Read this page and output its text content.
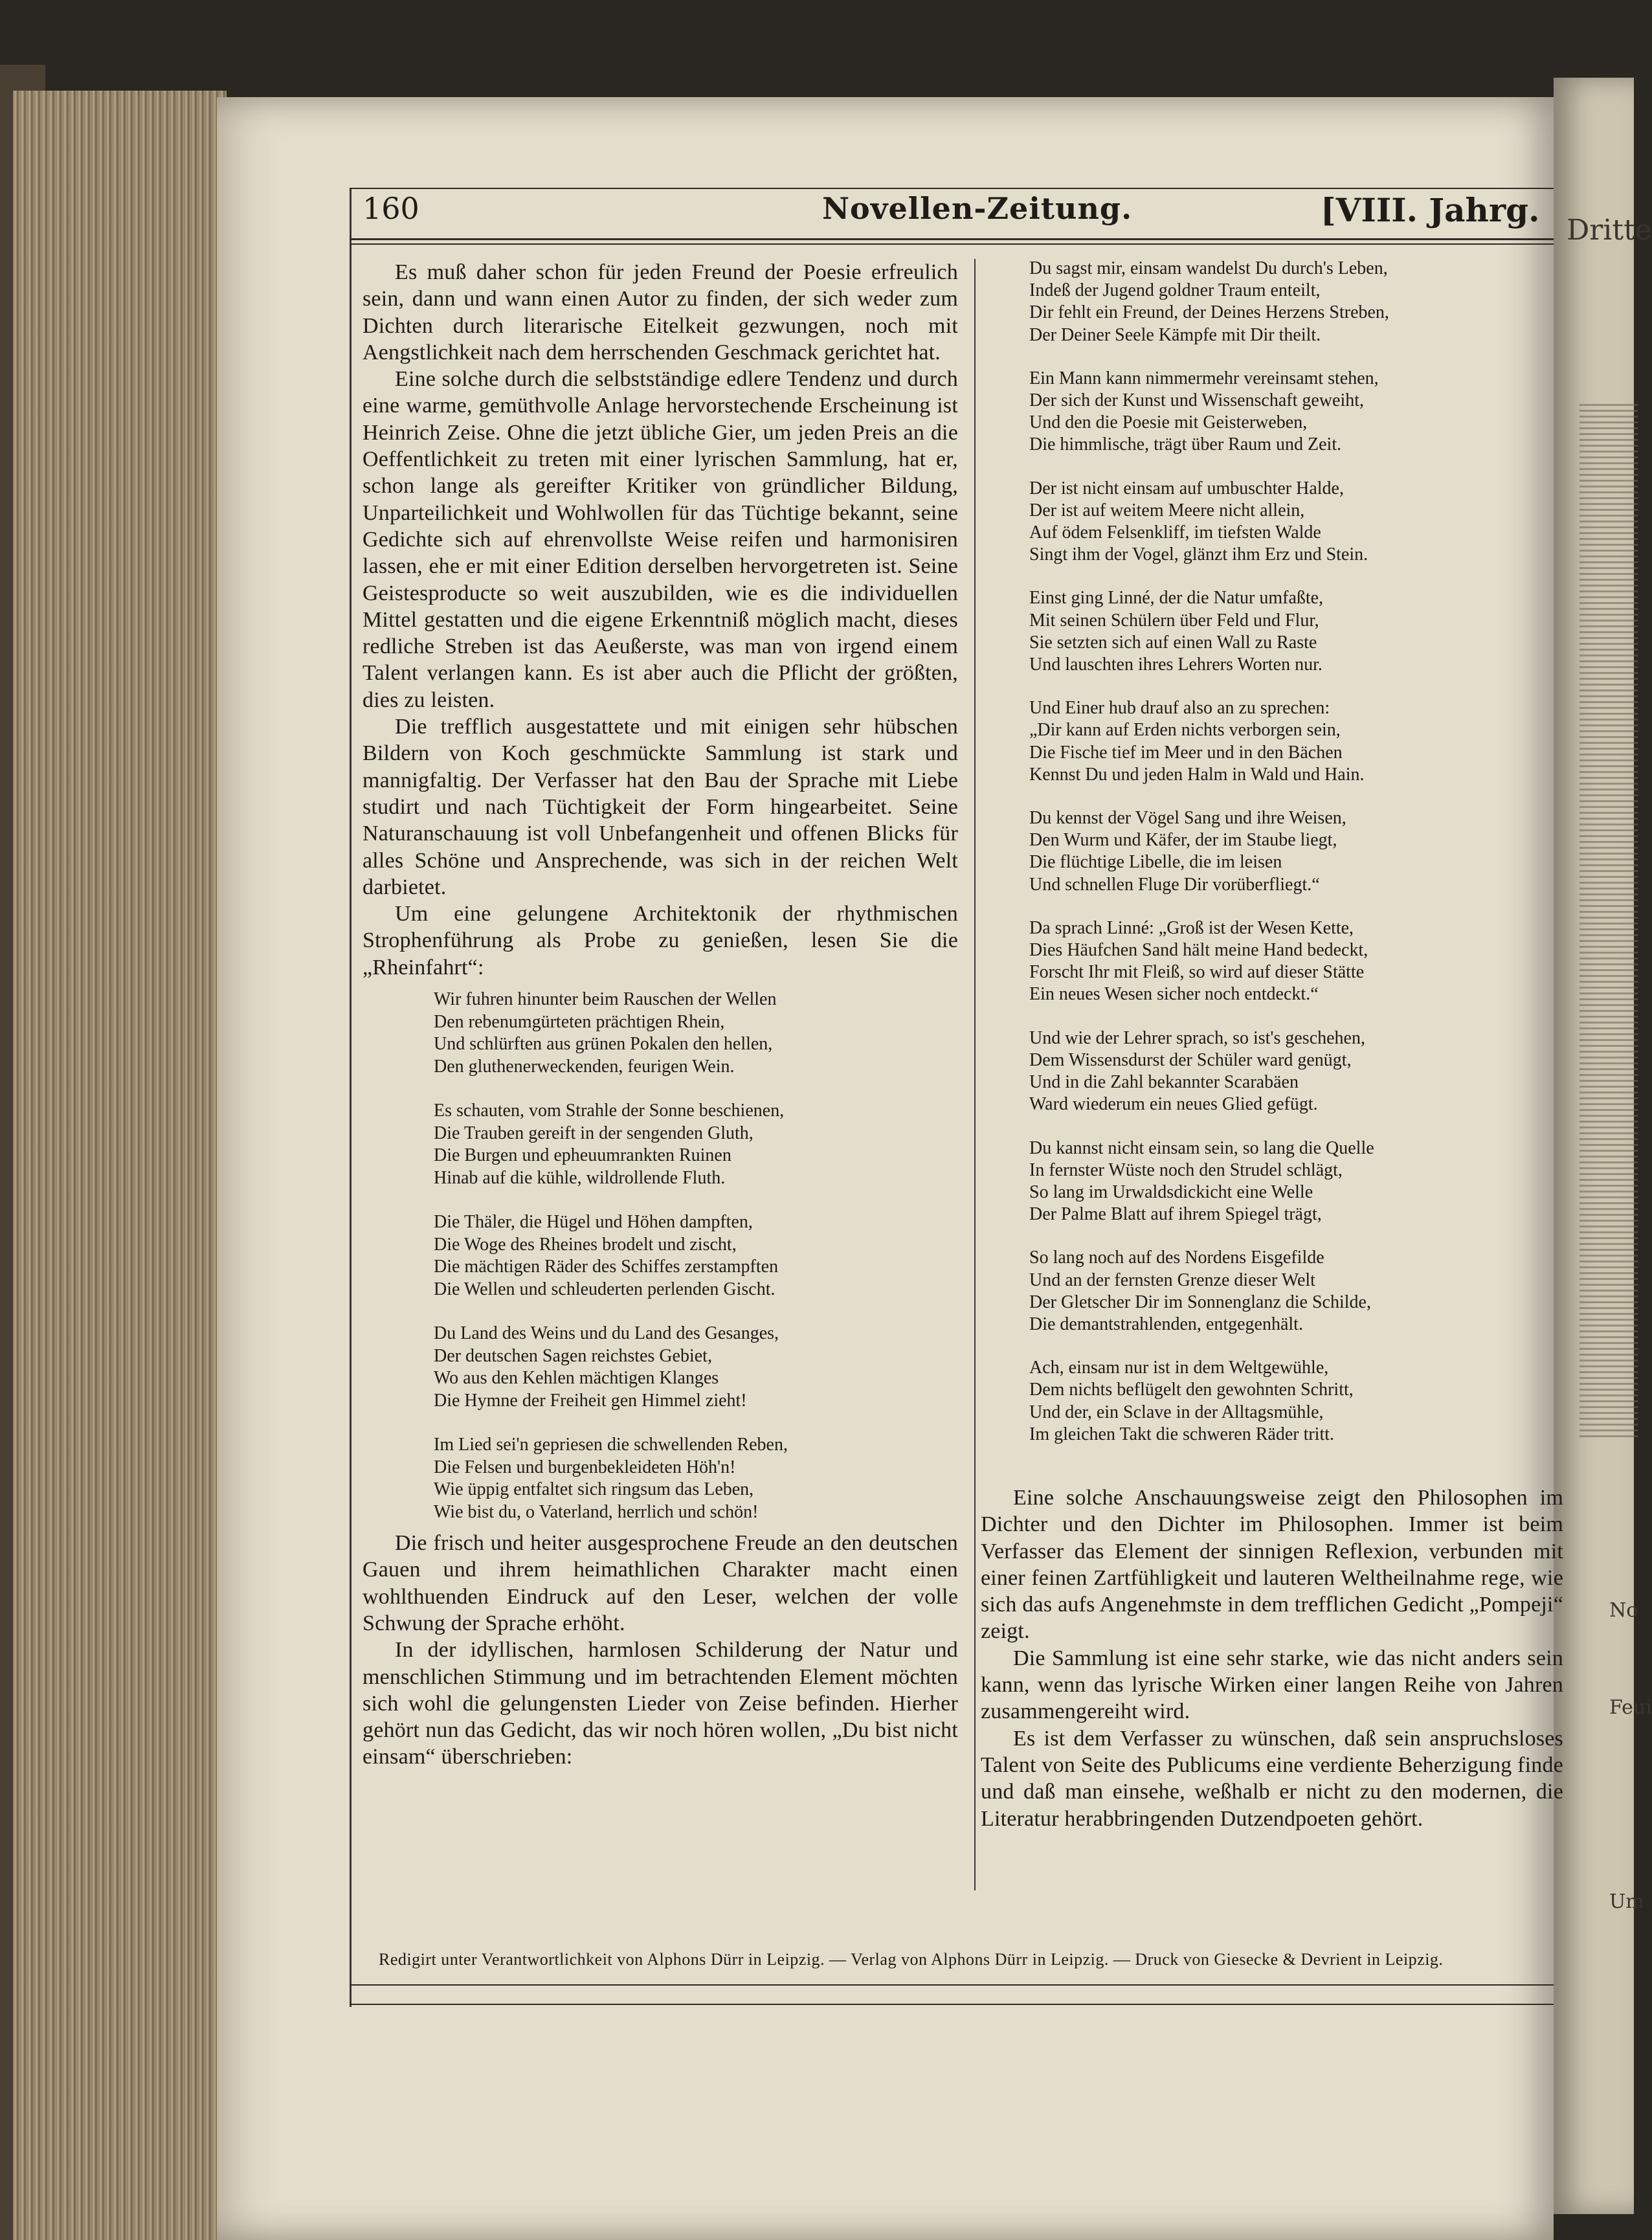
Dritte
No
Feui
Um
160	Novellen-Zeitung.	[VIII. Jahrg.

Es muß daher schon für jeden Freund der Poesie erfreulich sein, dann und wann einen Autor zu finden, der sich weder zum Dichten durch literarische Eitelkeit gezwungen, noch mit Aengstlichkeit nach dem herrschenden Geschmack gerichtet hat.

Eine solche durch die selbstständige edlere Tendenz und durch eine warme, gemüthvolle Anlage hervorstechende Erscheinung ist Heinrich Zeise. Ohne die jetzt übliche Gier, um jeden Preis an die Oeffentlichkeit zu treten mit einer lyrischen Sammlung, hat er, schon lange als gereifter Kritiker von gründlicher Bildung, Unparteilichkeit und Wohlwollen für das Tüchtige bekannt, seine Gedichte sich auf ehrenvollste Weise reifen und harmonisiren lassen, ehe er mit einer Edition derselben hervorgetreten ist. Seine Geistesproducte so weit auszubilden, wie es die individuellen Mittel gestatten und die eigene Erkenntniß möglich macht, dieses redliche Streben ist das Aeußerste, was man von irgend einem Talent verlangen kann. Es ist aber auch die Pflicht der größten, dies zu leisten.

Die trefflich ausgestattete und mit einigen sehr hübschen Bildern von Koch geschmückte Sammlung ist stark und mannigfaltig. Der Verfasser hat den Bau der Sprache mit Liebe studirt und nach Tüchtigkeit der Form hingearbeitet. Seine Naturanschauung ist voll Unbefangenheit und offenen Blicks für alles Schöne und Ansprechende, was sich in der reichen Welt darbietet.

Um eine gelungene Architektonik der rhythmischen Strophenführung als Probe zu genießen, lesen Sie die „Rheinfahrt“:

Wir fuhren hinunter beim Rauschen der Wellen
Den rebenumgürteten prächtigen Rhein,
Und schlürften aus grünen Pokalen den hellen,
Den gluthenerweckenden, feurigen Wein.
Es schauten, vom Strahle der Sonne beschienen,
Die Trauben gereift in der sengenden Gluth,
Die Burgen und epheuumrankten Ruinen
Hinab auf die kühle, wildrollende Fluth.
Die Thäler, die Hügel und Höhen dampften,
Die Woge des Rheines brodelt und zischt,
Die mächtigen Räder des Schiffes zerstampften
Die Wellen und schleuderten perlenden Gischt.
Du Land des Weins und du Land des Gesanges,
Der deutschen Sagen reichstes Gebiet,
Wo aus den Kehlen mächtigen Klanges
Die Hymne der Freiheit gen Himmel zieht!
Im Lied sei'n gepriesen die schwellenden Reben,
Die Felsen und burgenbekleideten Höh'n!
Wie üppig entfaltet sich ringsum das Leben,
Wie bist du, o Vaterland, herrlich und schön!

Die frisch und heiter ausgesprochene Freude an den deutschen Gauen und ihrem heimathlichen Charakter macht einen wohlthuenden Eindruck auf den Leser, welchen der volle Schwung der Sprache erhöht.

In der idyllischen, harmlosen Schilderung der Natur und menschlichen Stimmung und im betrachtenden Element möchten sich wohl die gelungensten Lieder von Zeise befinden. Hierher gehört nun das Gedicht, das wir noch hören wollen, „Du bist nicht einsam“ überschrieben:

Du sagst mir, einsam wandelst Du durch's Leben,
Indeß der Jugend goldner Traum enteilt,
Dir fehlt ein Freund, der Deines Herzens Streben,
Der Deiner Seele Kämpfe mit Dir theilt.
Ein Mann kann nimmermehr vereinsamt stehen,
Der sich der Kunst und Wissenschaft geweiht,
Und den die Poesie mit Geisterweben,
Die himmlische, trägt über Raum und Zeit.
Der ist nicht einsam auf umbuschter Halde,
Der ist auf weitem Meere nicht allein,
Auf ödem Felsenkliff, im tiefsten Walde
Singt ihm der Vogel, glänzt ihm Erz und Stein.
Einst ging Linné, der die Natur umfaßte,
Mit seinen Schülern über Feld und Flur,
Sie setzten sich auf einen Wall zu Raste
Und lauschten ihres Lehrers Worten nur.
Und Einer hub drauf also an zu sprechen:
„Dir kann auf Erden nichts verborgen sein,
Die Fische tief im Meer und in den Bächen
Kennst Du und jeden Halm in Wald und Hain.
Du kennst der Vögel Sang und ihre Weisen,
Den Wurm und Käfer, der im Staube liegt,
Die flüchtige Libelle, die im leisen
Und schnellen Fluge Dir vorüberfliegt.“
Da sprach Linné: „Groß ist der Wesen Kette,
Dies Häufchen Sand hält meine Hand bedeckt,
Forscht Ihr mit Fleiß, so wird auf dieser Stätte
Ein neues Wesen sicher noch entdeckt.“
Und wie der Lehrer sprach, so ist's geschehen,
Dem Wissensdurst der Schüler ward genügt,
Und in die Zahl bekannter Scarabäen
Ward wiederum ein neues Glied gefügt.
Du kannst nicht einsam sein, so lang die Quelle
In fernster Wüste noch den Strudel schlägt,
So lang im Urwaldsdickicht eine Welle
Der Palme Blatt auf ihrem Spiegel trägt,
So lang noch auf des Nordens Eisgefilde
Und an der fernsten Grenze dieser Welt
Der Gletscher Dir im Sonnenglanz die Schilde,
Die demantstrahlenden, entgegenhält.
Ach, einsam nur ist in dem Weltgewühle,
Dem nichts beflügelt den gewohnten Schritt,
Und der, ein Sclave in der Alltagsmühle,
Im gleichen Takt die schweren Räder tritt.

Eine solche Anschauungsweise zeigt den Philosophen im Dichter und den Dichter im Philosophen. Immer ist beim Verfasser das Element der sinnigen Reflexion, verbunden mit einer feinen Zartfühligkeit und lauteren Weltheilnahme rege, wie sich das aufs Angenehmste in dem trefflichen Gedicht „Pompeji“ zeigt.

Die Sammlung ist eine sehr starke, wie das nicht anders sein kann, wenn das lyrische Wirken einer langen Reihe von Jahren zusammengereiht wird.

Es ist dem Verfasser zu wünschen, daß sein anspruchsloses Talent von Seite des Publicums eine verdiente Beherzigung finde und daß man einsehe, weßhalb er nicht zu den modernen, die Literatur herabbringenden Dutzendpoeten gehört.

Redigirt unter Verantwortlichkeit von Alphons Dürr in Leipzig. — Verlag von Alphons Dürr in Leipzig. — Druck von Giesecke & Devrient in Leipzig.
